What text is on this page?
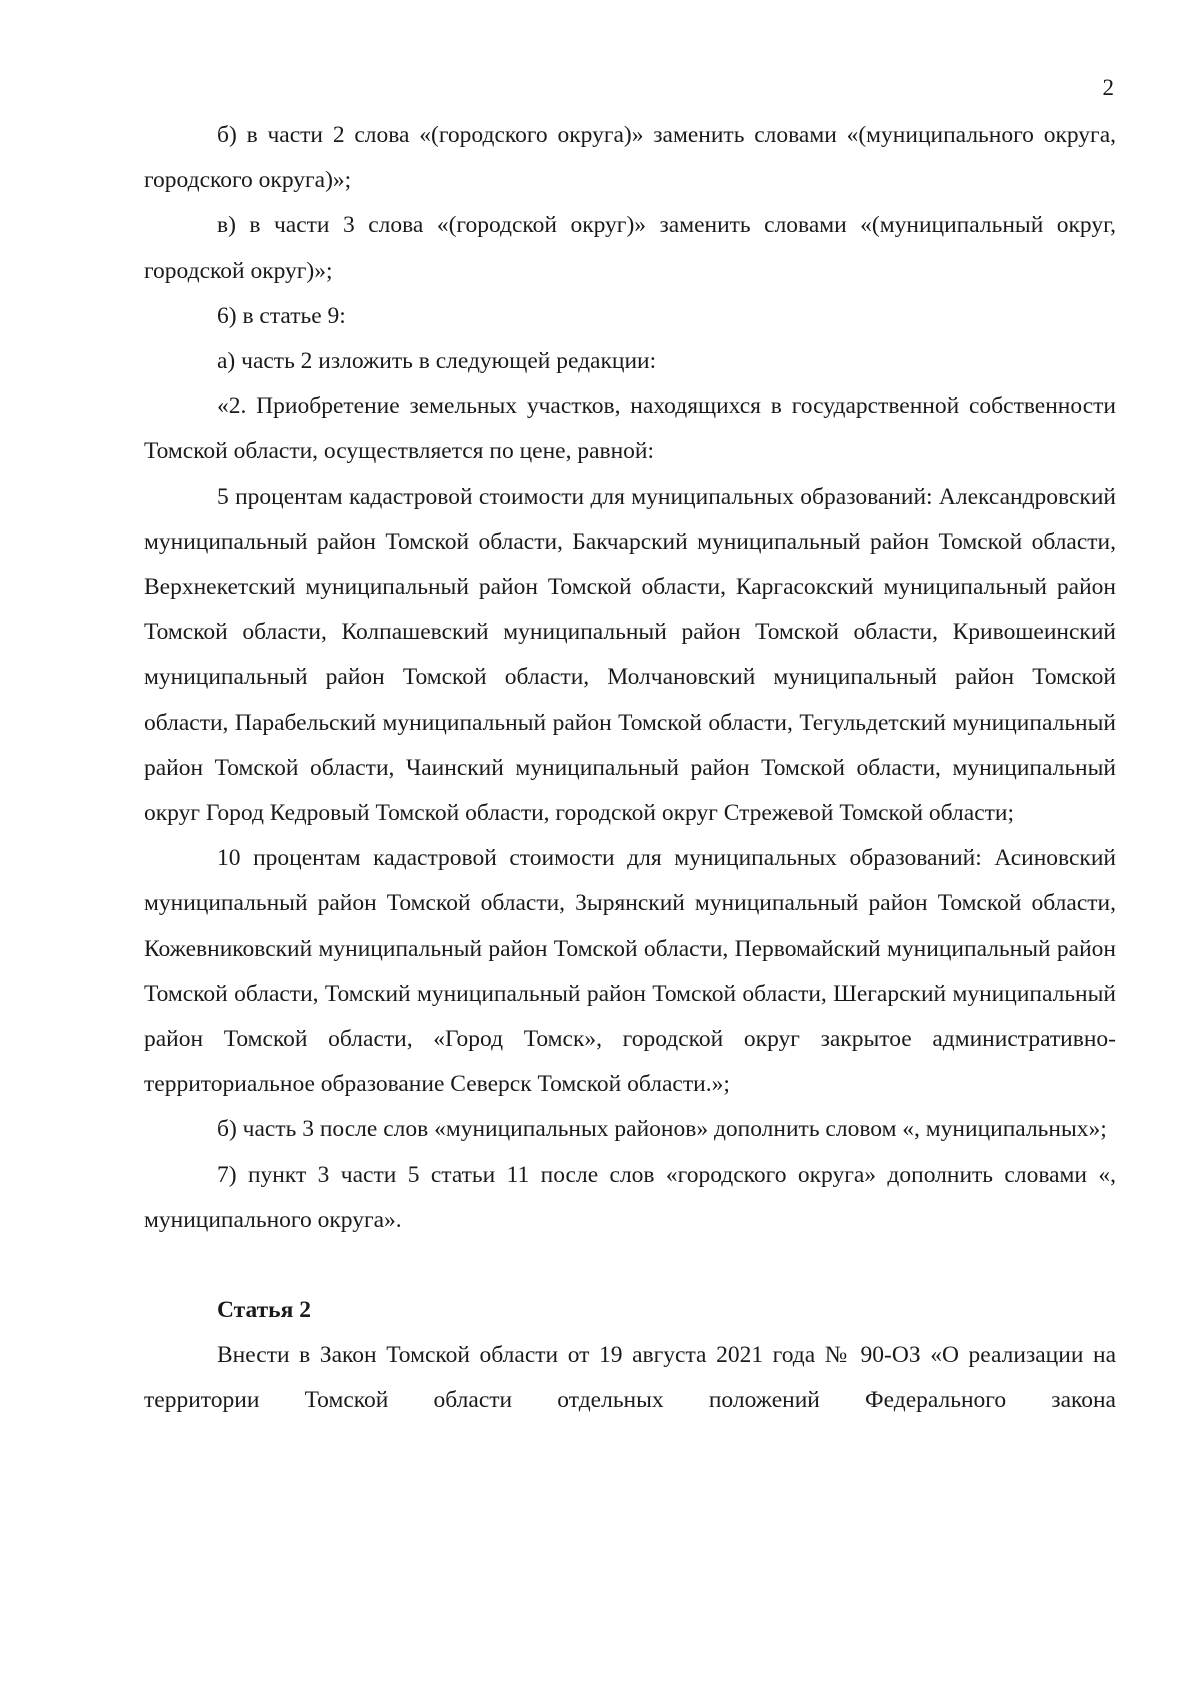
2

б) в части 2 слова «(городского округа)» заменить словами «(муниципального округа, городского округа)»;

в) в части 3 слова «(городской округ)» заменить словами «(муниципальный округ, городской округ)»;

6) в статье 9:

а) часть 2 изложить в следующей редакции:

«2. Приобретение земельных участков, находящихся в государственной собственности Томской области, осуществляется по цене, равной:

5 процентам кадастровой стоимости для муниципальных образований: Александровский муниципальный район Томской области, Бакчарский муниципальный район Томской области, Верхнекетский муниципальный район Томской области, Каргасокский муниципальный район Томской области, Колпашевский муниципальный район Томской области, Кривошеинский муниципальный район Томской области, Молчановский муниципальный район Томской области, Парабельский муниципальный район Томской области, Тегульдетский муниципальный район Томской области, Чаинский муниципальный район Томской области, муниципальный округ Город Кедровый Томской области, городской округ Стрежевой Томской области;

10 процентам кадастровой стоимости для муниципальных образований: Асиновский муниципальный район Томской области, Зырянский муниципальный район Томской области, Кожевниковский муниципальный район Томской области, Первомайский муниципальный район Томской области, Томский муниципальный район Томской области, Шегарский муниципальный район Томской области, «Город Томск», городской округ закрытое административно-территориальное образование Северск Томской области.»;

б) часть 3 после слов «муниципальных районов» дополнить словом «, муниципальных»;

7) пункт 3 части 5 статьи 11 после слов «городского округа» дополнить словами «, муниципального округа».

Статья 2

Внести в Закон Томской области от 19 августа 2021 года № 90-ОЗ «О реализации на территории Томской области отдельных положений Федерального закона
